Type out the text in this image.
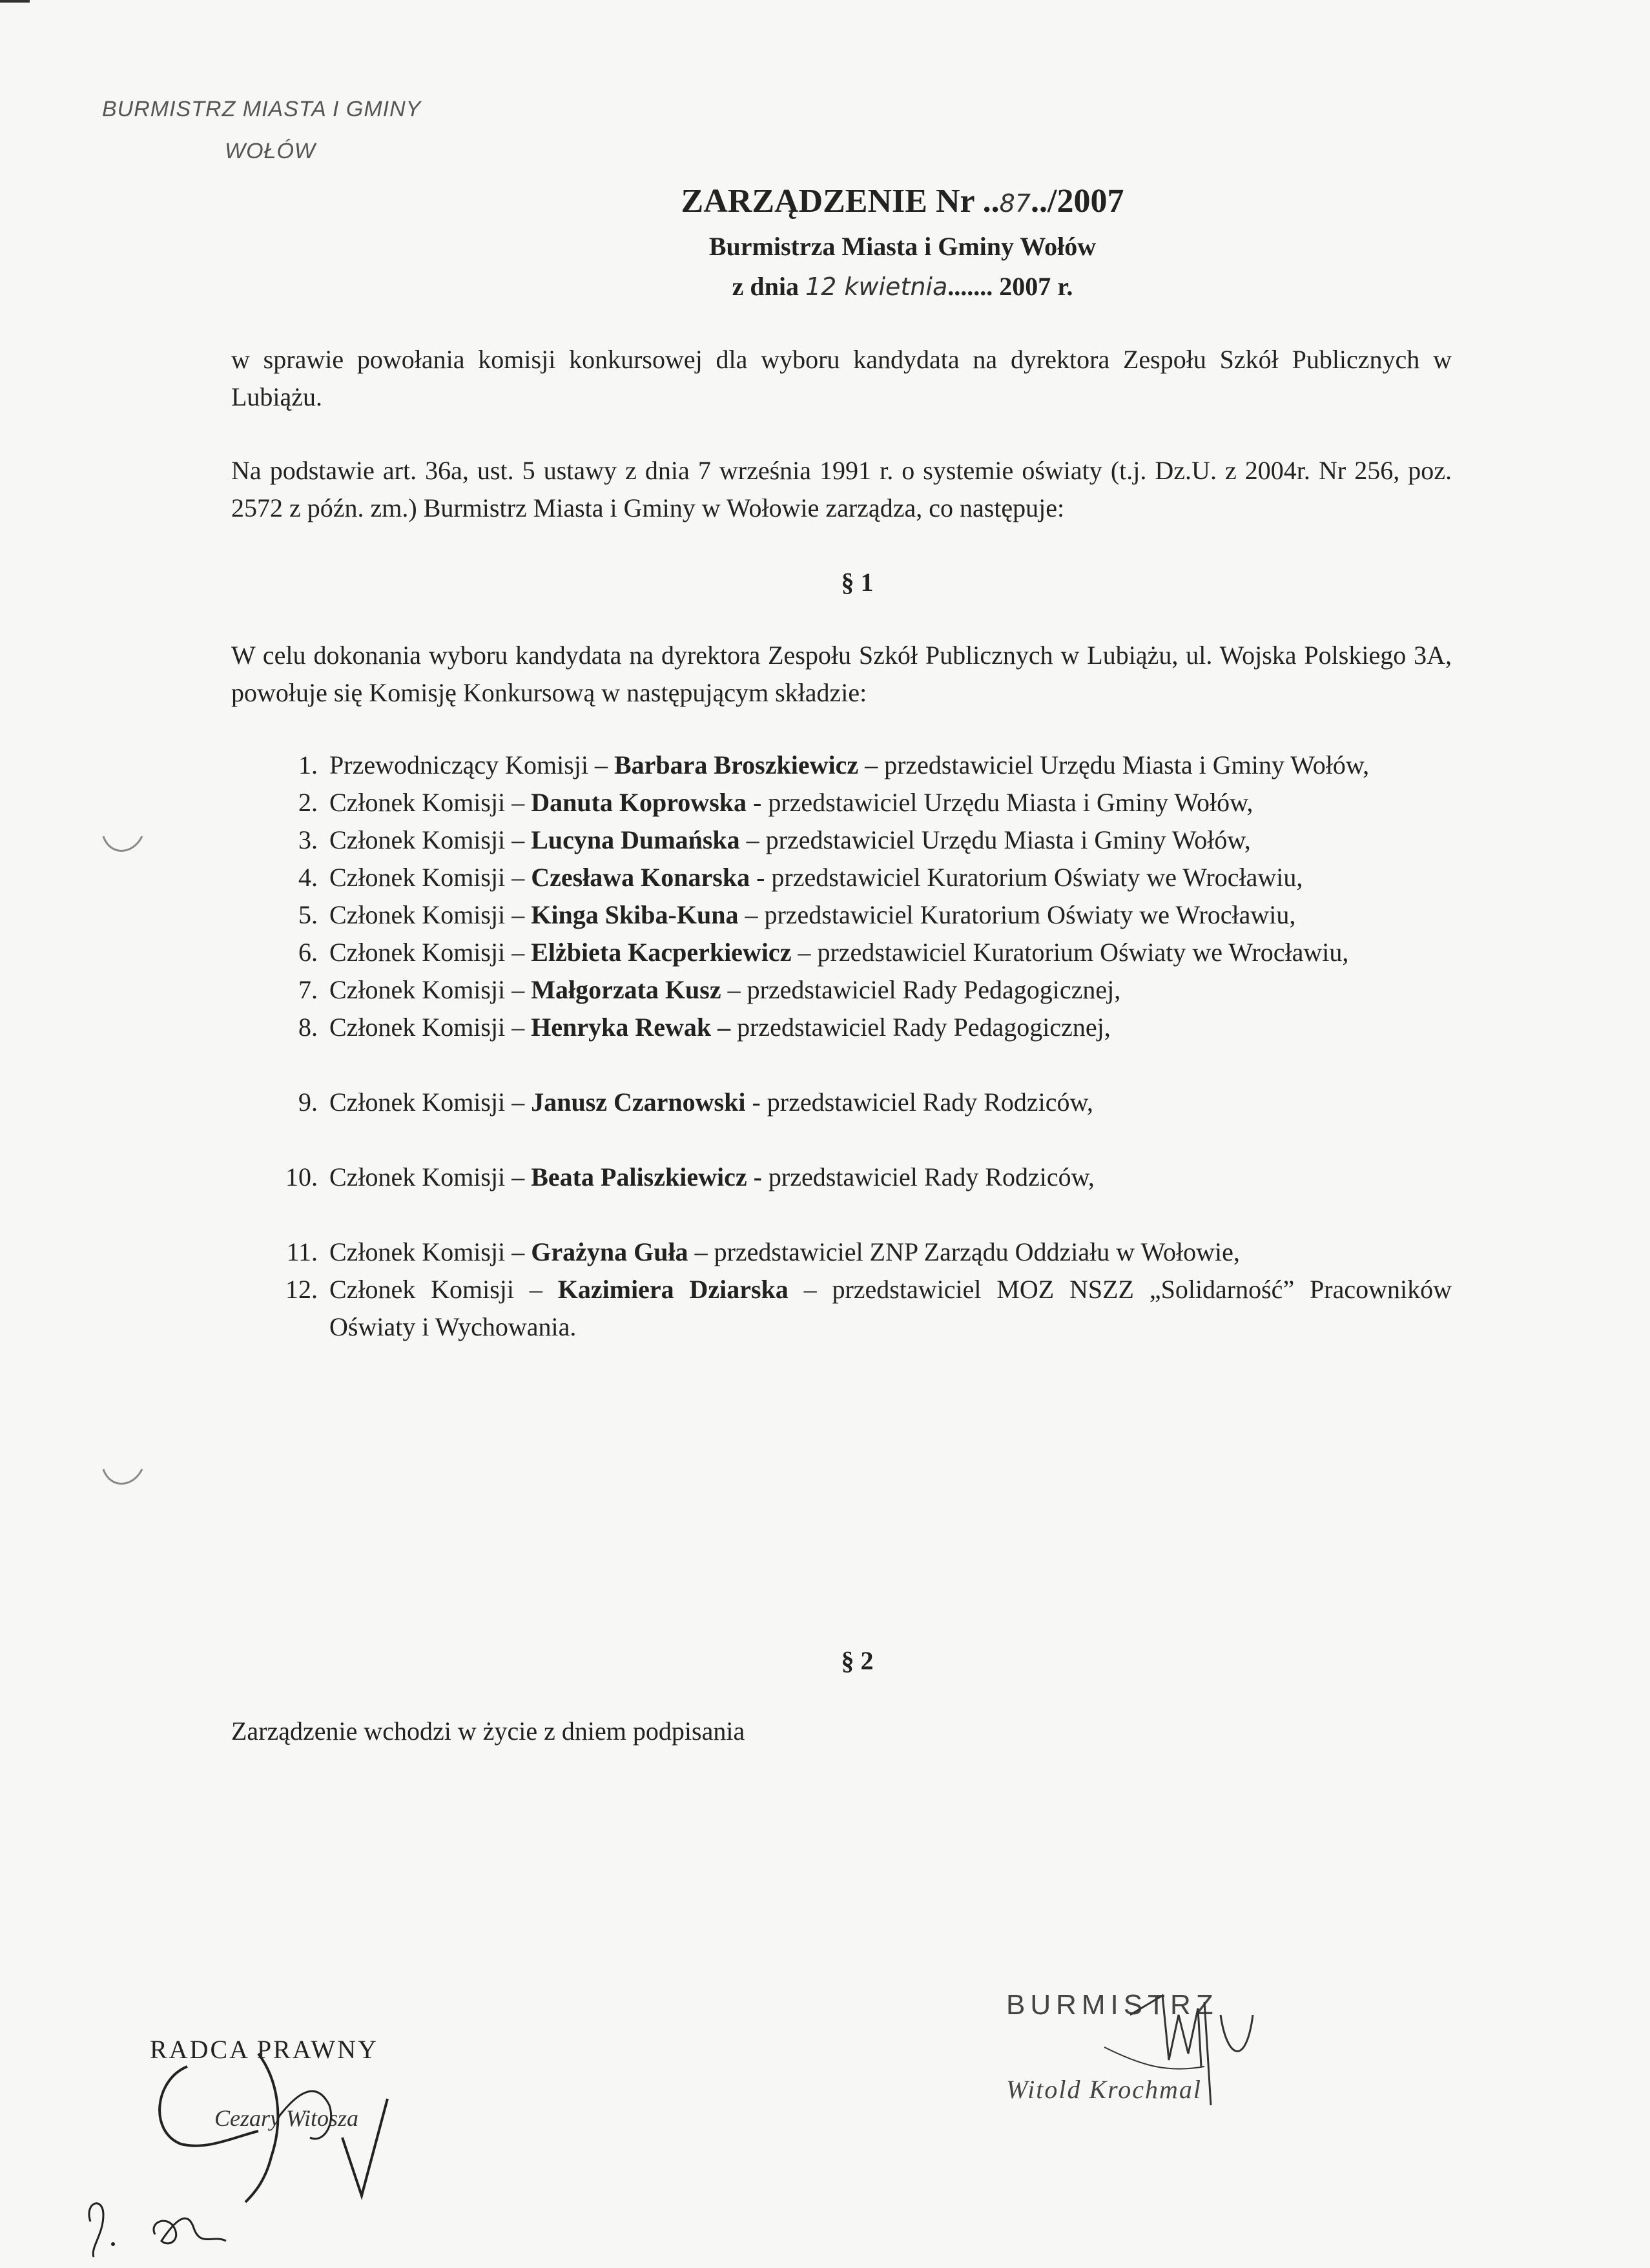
BURMISTRZ MIASTA I GMINY
WOŁÓW
ZARZĄDZENIE Nr ..87../2007
Burmistrza Miasta i Gminy Wołów
z dnia 12 kwietnia....... 2007 r.
w sprawie powołania komisji konkursowej dla wyboru kandydata na dyrektora Zespołu Szkół Publicznych w Lubiążu.
Na podstawie art. 36a, ust. 5 ustawy z dnia 7 września 1991 r. o systemie oświaty (t.j. Dz.U. z 2004r. Nr 256, poz. 2572 z późn. zm.) Burmistrz Miasta i Gminy w Wołowie zarządza, co następuje:
§ 1
W celu dokonania wyboru kandydata na dyrektora Zespołu Szkół Publicznych w Lubiążu, ul. Wojska Polskiego 3A, powołuje się Komisję Konkursową w następującym składzie:
1. Przewodniczący Komisji – Barbara Broszkiewicz – przedstawiciel Urzędu Miasta i Gminy Wołów,
2. Członek Komisji – Danuta Koprowska - przedstawiciel Urzędu Miasta i Gminy Wołów,
3. Członek Komisji – Lucyna Dumańska – przedstawiciel Urzędu Miasta i Gminy Wołów,
4. Członek Komisji – Czesława Konarska - przedstawiciel Kuratorium Oświaty we Wrocławiu,
5. Członek Komisji – Kinga Skiba-Kuna – przedstawiciel Kuratorium Oświaty we Wrocławiu,
6. Członek Komisji – Elżbieta Kacperkiewicz – przedstawiciel Kuratorium Oświaty we Wrocławiu,
7. Członek Komisji – Małgorzata Kusz – przedstawiciel Rady Pedagogicznej,
8. Członek Komisji – Henryka Rewak – przedstawiciel Rady Pedagogicznej,
9. Członek Komisji – Janusz Czarnowski - przedstawiciel Rady Rodziców,
10. Członek Komisji – Beata Paliszkiewicz - przedstawiciel Rady Rodziców,
11. Członek Komisji – Grażyna Guła – przedstawiciel ZNP Zarządu Oddziału w Wołowie,
12. Członek Komisji – Kazimiera Dziarska – przedstawiciel MOZ NSZZ „Solidarność” Pracowników Oświaty i Wychowania.
§ 2
Zarządzenie wchodzi w życie z dniem podpisania
BURMISTRZ
Witold Krochmal
RADCA PRAWNY
Cezary Witosza
